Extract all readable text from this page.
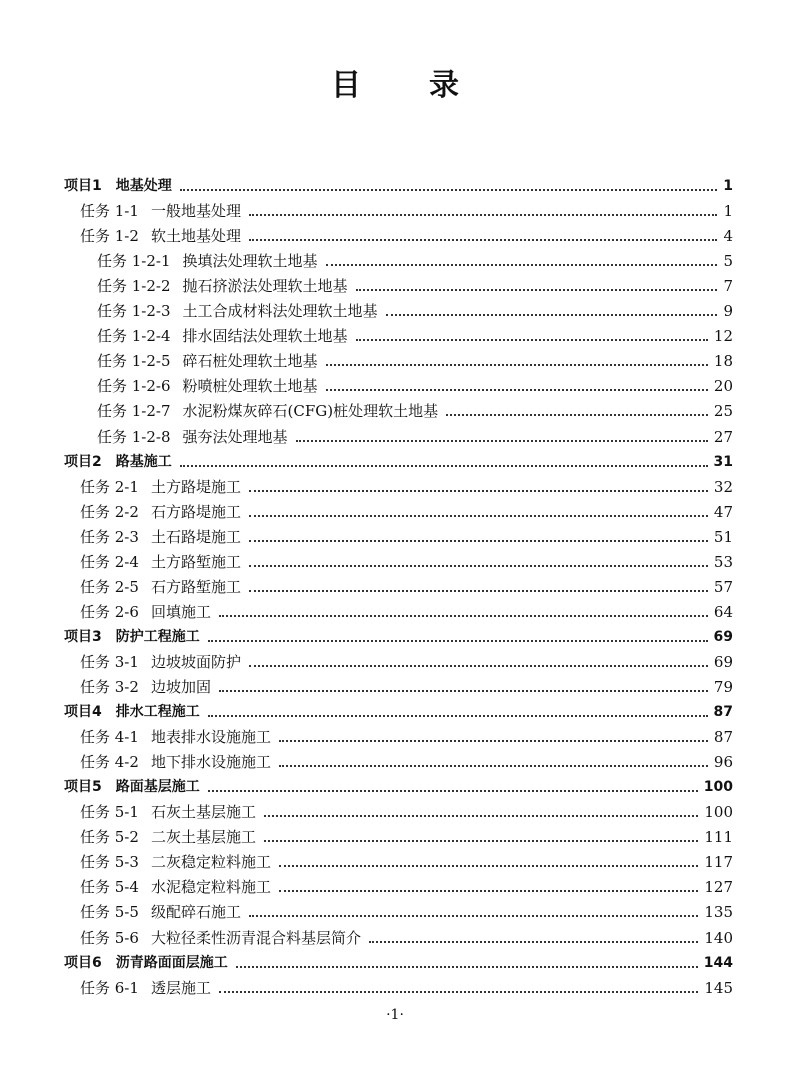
目 录
项目1 地基处理	1
任务 1-1 一般地基处理	1
任务 1-2 软土地基处理	4
任务 1-2-1 换填法处理软土地基	5
任务 1-2-2 抛石挤淤法处理软土地基	7
任务 1-2-3 土工合成材料法处理软土地基	9
任务 1-2-4 排水固结法处理软土地基	12
任务 1-2-5 碎石桩处理软土地基	18
任务 1-2-6 粉喷桩处理软土地基	20
任务 1-2-7 水泥粉煤灰碎石(CFG)桩处理软土地基	25
任务 1-2-8 强夯法处理地基	27
项目2 路基施工	31
任务 2-1 土方路堤施工	32
任务 2-2 石方路堤施工	47
任务 2-3 土石路堤施工	51
任务 2-4 土方路堑施工	53
任务 2-5 石方路堑施工	57
任务 2-6 回填施工	64
项目3 防护工程施工	69
任务 3-1 边坡坡面防护	69
任务 3-2 边坡加固	79
项目4 排水工程施工	87
任务 4-1 地表排水设施施工	87
任务 4-2 地下排水设施施工	96
项目5 路面基层施工	100
任务 5-1 石灰土基层施工	100
任务 5-2 二灰土基层施工	111
任务 5-3 二灰稳定粒料施工	117
任务 5-4 水泥稳定粒料施工	127
任务 5-5 级配碎石施工	135
任务 5-6 大粒径柔性沥青混合料基层简介	140
项目6 沥青路面面层施工	144
任务 6-1 透层施工	145
·1·
